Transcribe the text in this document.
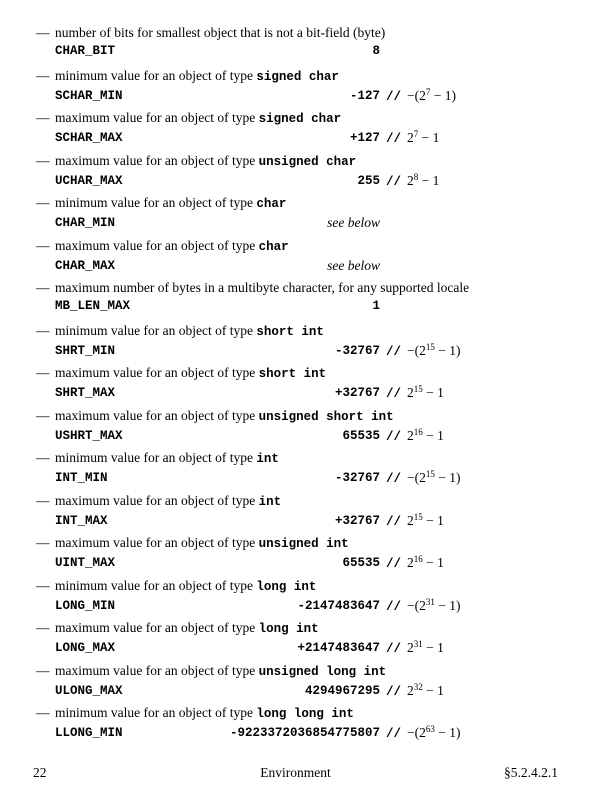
— number of bits for smallest object that is not a bit-field (byte)
CHAR_BIT	8
— minimum value for an object of type signed char
SCHAR_MIN	$-127 // -(2^7 - 1)$
— maximum value for an object of type signed char
SCHAR_MAX	$+127 // 2^7 - 1$
— maximum value for an object of type unsigned char
UCHAR_MAX	$255 // 2^8 - 1$
— minimum value for an object of type char
CHAR_MIN	see below
— maximum value for an object of type char
CHAR_MAX	see below
— maximum number of bytes in a multibyte character, for any supported locale
MB_LEN_MAX	1
— minimum value for an object of type short int
SHRT_MIN	$-32767 // -(2^{15} - 1)$
— maximum value for an object of type short int
SHRT_MAX	$+32767 // 2^{15} - 1$
— maximum value for an object of type unsigned short int
USHRT_MAX	$65535 // 2^{16} - 1$
— minimum value for an object of type int
INT_MIN	$-32767 // -(2^{15} - 1)$
— maximum value for an object of type int
INT_MAX	$+32767 // 2^{15} - 1$
— maximum value for an object of type unsigned int
UINT_MAX	$65535 // 2^{16} - 1$
— minimum value for an object of type long int
LONG_MIN	$-2147483647 // -(2^{31} - 1)$
— maximum value for an object of type long int
LONG_MAX	$+2147483647 // 2^{31} - 1$
— maximum value for an object of type unsigned long int
ULONG_MAX	$4294967295 // 2^{32} - 1$
— minimum value for an object of type long long int
LLONG_MIN	$-9223372036854775807 // -(2^{63} - 1)$
22	Environment	§5.2.4.2.1
